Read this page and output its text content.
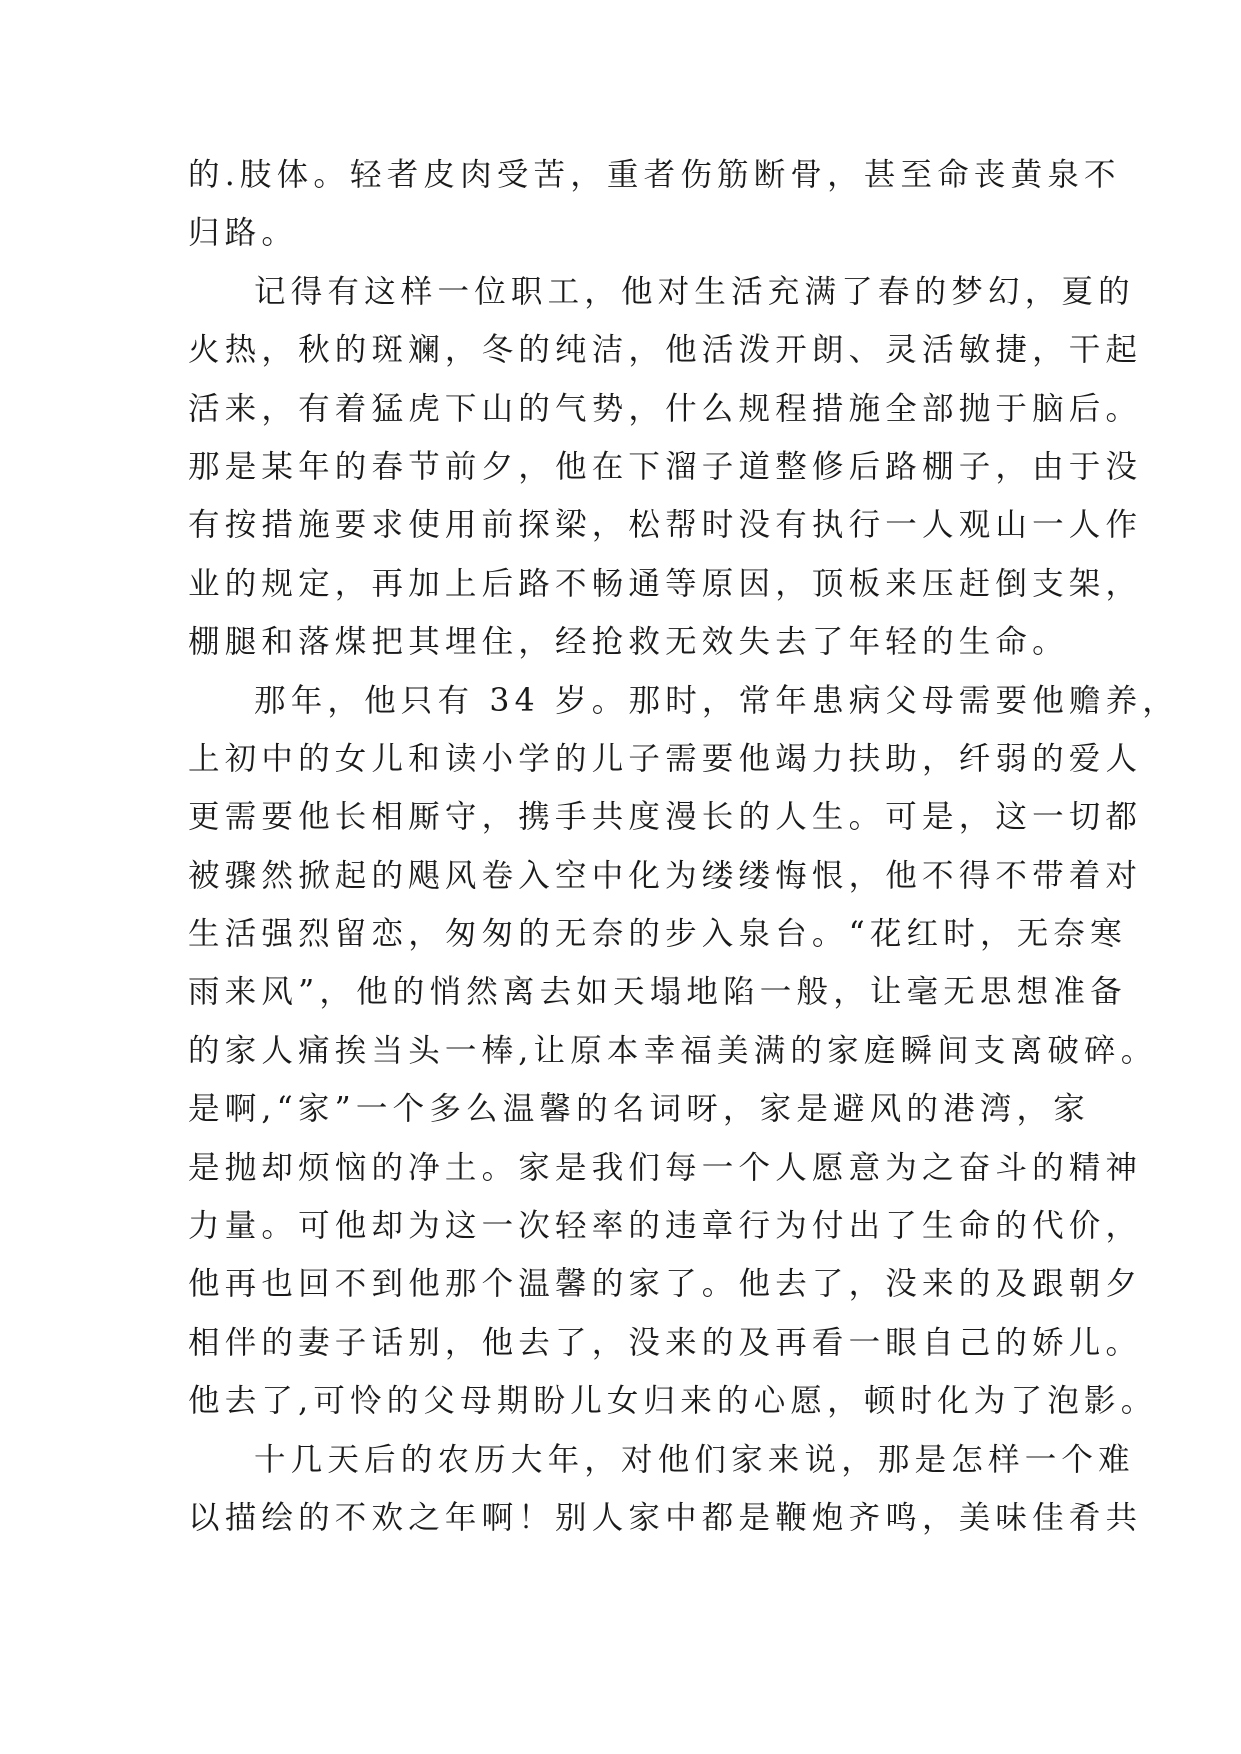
的.肢体。轻者皮肉受苦，重者伤筋断骨，甚至命丧黄泉不
归路。
记得有这样一位职工，他对生活充满了春的梦幻，夏的
火热，秋的斑斓，冬的纯洁，他活泼开朗、灵活敏捷，干起
活来，有着猛虎下山的气势，什么规程措施全部抛于脑后。
那是某年的春节前夕，他在下溜子道整修后路棚子，由于没
有按措施要求使用前探梁，松帮时没有执行一人观山一人作
业的规定，再加上后路不畅通等原因，顶板来压赶倒支架，
棚腿和落煤把其埋住，经抢救无效失去了年轻的生命。
那年，他只有 34 岁。那时，常年患病父母需要他赡养，
上初中的女儿和读小学的儿子需要他竭力扶助，纤弱的爱人
更需要他长相厮守，携手共度漫长的人生。可是，这一切都
被骤然掀起的飓风卷入空中化为缕缕悔恨，他不得不带着对
生活强烈留恋，匆匆的无奈的步入泉台。“花红时，无奈寒
雨来风”，他的悄然离去如天塌地陷一般，让毫无思想准备
的家人痛挨当头一棒,让原本幸福美满的家庭瞬间支离破碎。
是啊,“家”一个多么温馨的名词呀，家是避风的港湾，家
是抛却烦恼的净土。家是我们每一个人愿意为之奋斗的精神
力量。可他却为这一次轻率的违章行为付出了生命的代价，
他再也回不到他那个温馨的家了。他去了，没来的及跟朝夕
相伴的妻子话别，他去了，没来的及再看一眼自己的娇儿。
他去了,可怜的父母期盼儿女归来的心愿，顿时化为了泡影。
十几天后的农历大年，对他们家来说，那是怎样一个难
以描绘的不欢之年啊！别人家中都是鞭炮齐鸣，美味佳肴共
